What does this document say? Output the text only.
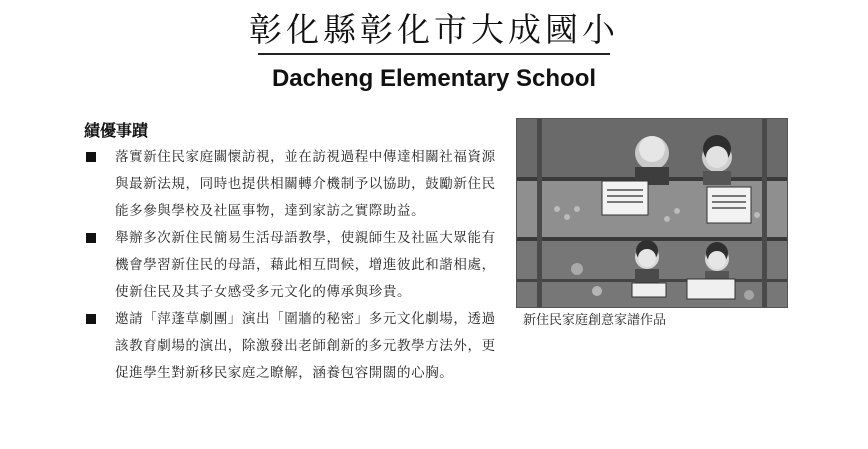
彰化縣彰化市大成國小
Dacheng Elementary School
績優事蹟
落實新住民家庭關懷訪視，並在訪視過程中傳達相關社福資源與最新法規，同時也提供相關轉介機制予以協助，鼓勵新住民能多參與學校及社區事物，達到家訪之實際助益。
舉辦多次新住民簡易生活母語教學，使親師生及社區大眾能有機會學習新住民的母語，藉此相互問候，增進彼此和諧相處，使新住民及其子女感受多元文化的傳承與珍貴。
邀請「萍蓬草劇團」演出「圍牆的秘密」多元文化劇場，透過該教育劇場的演出，除激發出老師創新的多元教學方法外，更促進學生對新移民家庭之瞭解，涵養包容開闊的心胸。
新住民家庭創意家譜作品
